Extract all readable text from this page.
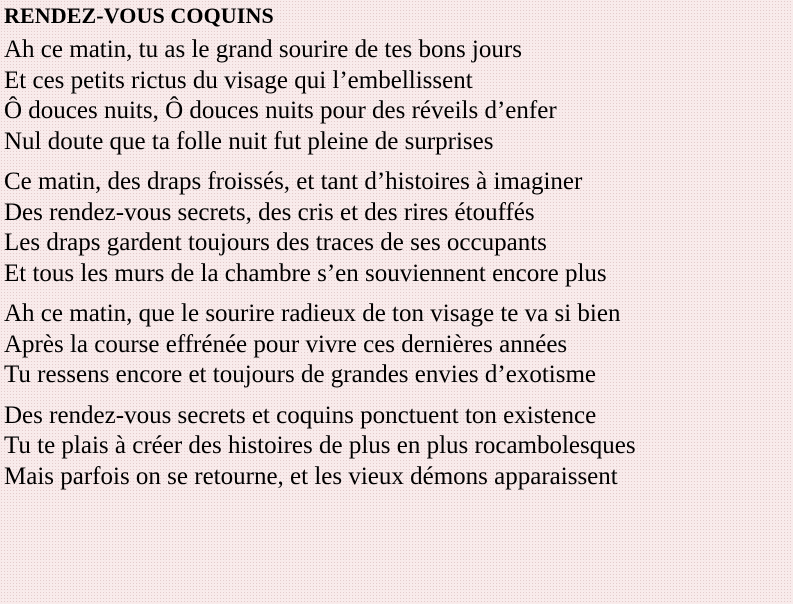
RENDEZ-VOUS COQUINS
Ah ce matin, tu as le grand sourire de tes bons jours
Et ces petits rictus du visage qui l’embellissent
Ô douces nuits, Ô douces nuits pour des réveils d’enfer
Nul doute que ta folle nuit fut pleine de surprises
Ce matin, des draps froissés, et tant d’histoires à imaginer
Des rendez-vous secrets, des cris et des rires étouffés
Les draps gardent toujours des traces de ses occupants
Et tous les murs de la chambre s’en souviennent encore plus
Ah ce matin, que le sourire radieux de ton visage te va si bien
Après la course effrénée pour vivre ces dernières années
Tu ressens encore et toujours de grandes envies d’exotisme
Des rendez-vous secrets et coquins ponctuent ton existence
Tu te plais à créer des histoires de plus en plus rocambolesques
Mais parfois on se retourne, et les vieux démons apparaissent
